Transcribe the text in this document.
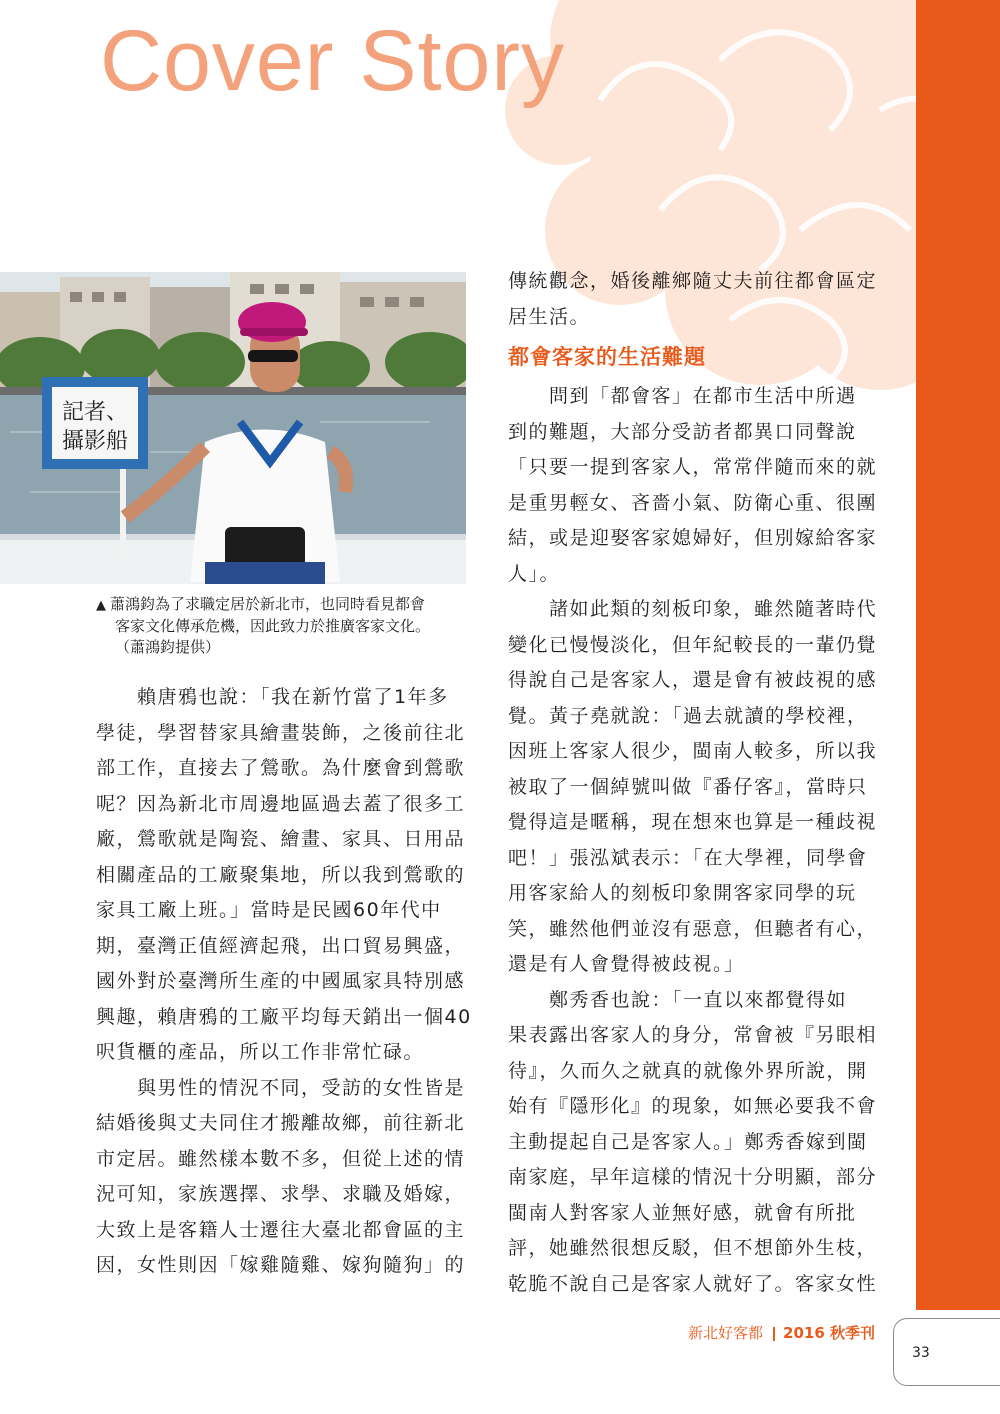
Cover Story
記者、
攝影船
▲ 蕭鴻鈞為了求職定居於新北市，也同時看見都會
客家文化傳承危機，因此致力於推廣客家文化。
（蕭鴻鈞提供）
　　賴唐鴉也說：「我在新竹當了1年多
學徒，學習替家具繪畫裝飾，之後前往北
部工作，直接去了鶯歌。為什麼會到鶯歌
呢？因為新北市周邊地區過去蓋了很多工
廠，鶯歌就是陶瓷、繪畫、家具、日用品
相關產品的工廠聚集地，所以我到鶯歌的
家具工廠上班。」當時是民國60年代中
期，臺灣正值經濟起飛，出口貿易興盛，
國外對於臺灣所生產的中國風家具特別感
興趣，賴唐鴉的工廠平均每天銷出一個40
呎貨櫃的產品，所以工作非常忙碌。
　　與男性的情況不同，受訪的女性皆是
結婚後與丈夫同住才搬離故鄉，前往新北
市定居。雖然樣本數不多，但從上述的情
況可知，家族選擇、求學、求職及婚嫁，
大致上是客籍人士遷往大臺北都會區的主
因，女性則因「嫁雞隨雞、嫁狗隨狗」的
傳統觀念，婚後離鄉隨丈夫前往都會區定
居生活。
都會客家的生活難題
　　問到「都會客」在都市生活中所遇
到的難題，大部分受訪者都異口同聲說
「只要一提到客家人，常常伴隨而來的就
是重男輕女、吝嗇小氣、防衛心重、很團
結，或是迎娶客家媳婦好，但別嫁給客家
人」。
　　諸如此類的刻板印象，雖然隨著時代
變化已慢慢淡化，但年紀較長的一輩仍覺
得說自己是客家人，還是會有被歧視的感
覺。黃子堯就說：「過去就讀的學校裡，
因班上客家人很少，閩南人較多，所以我
被取了一個綽號叫做『番仔客』，當時只
覺得這是暱稱，現在想來也算是一種歧視
吧！」張泓斌表示：「在大學裡，同學會
用客家給人的刻板印象開客家同學的玩
笑，雖然他們並沒有惡意，但聽者有心，
還是有人會覺得被歧視。」
　　鄭秀香也說：「一直以來都覺得如
果表露出客家人的身分，常會被『另眼相
待』，久而久之就真的就像外界所說，開
始有『隱形化』的現象，如無必要我不會
主動提起自己是客家人。」鄭秀香嫁到閩
南家庭，早年這樣的情況十分明顯，部分
閩南人對客家人並無好感，就會有所批
評，她雖然很想反駁，但不想節外生枝，
乾脆不說自己是客家人就好了。客家女性
新北好客都 2016 秋季刊
33
